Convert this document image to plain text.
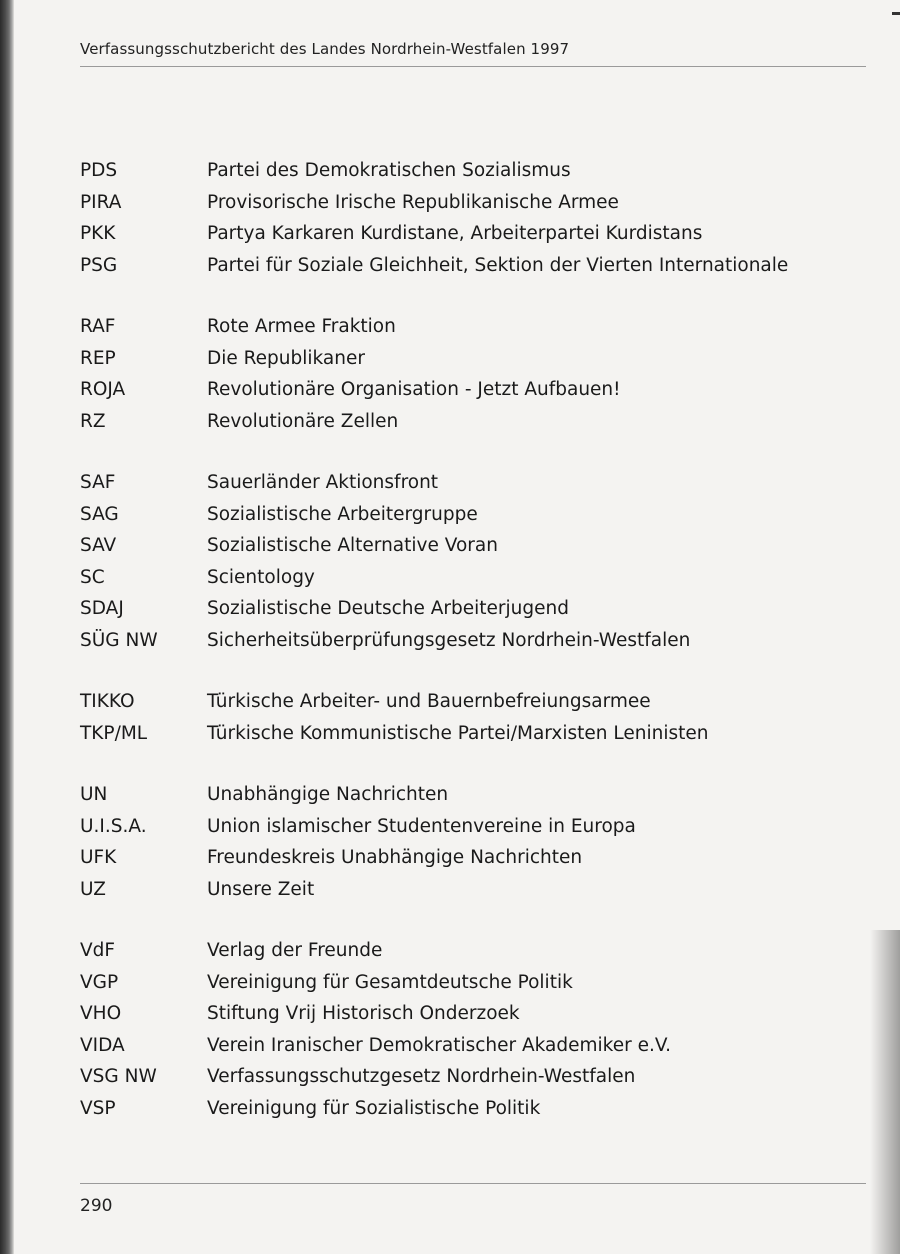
Verfassungsschutzbericht des Landes Nordrhein-Westfalen 1997
PDS	Partei des Demokratischen Sozialismus
PIRA	Provisorische Irische Republikanische Armee
PKK	Partya Karkaren Kurdistane, Arbeiterpartei Kurdistans
PSG	Partei für Soziale Gleichheit, Sektion der Vierten Internationale
RAF	Rote Armee Fraktion
REP	Die Republikaner
ROJA	Revolutionäre Organisation - Jetzt Aufbauen!
RZ	Revolutionäre Zellen
SAF	Sauerländer Aktionsfront
SAG	Sozialistische Arbeitergruppe
SAV	Sozialistische Alternative Voran
SC	Scientology
SDAJ	Sozialistische Deutsche Arbeiterjugend
SÜG NW	Sicherheitsüberprüfungsgesetz Nordrhein-Westfalen
TIKKO	Türkische Arbeiter- und Bauernbefreiungsarmee
TKP/ML	Türkische Kommunistische Partei/Marxisten Leninisten
UN	Unabhängige Nachrichten
U.I.S.A.	Union islamischer Studentenvereine in Europa
UFK	Freundeskreis Unabhängige Nachrichten
UZ	Unsere Zeit
VdF	Verlag der Freunde
VGP	Vereinigung für Gesamtdeutsche Politik
VHO	Stiftung Vrij Historisch Onderzoek
VIDA	Verein Iranischer Demokratischer Akademiker e.V.
VSG NW	Verfassungsschutzgesetz Nordrhein-Westfalen
VSP	Vereinigung für Sozialistische Politik
290
